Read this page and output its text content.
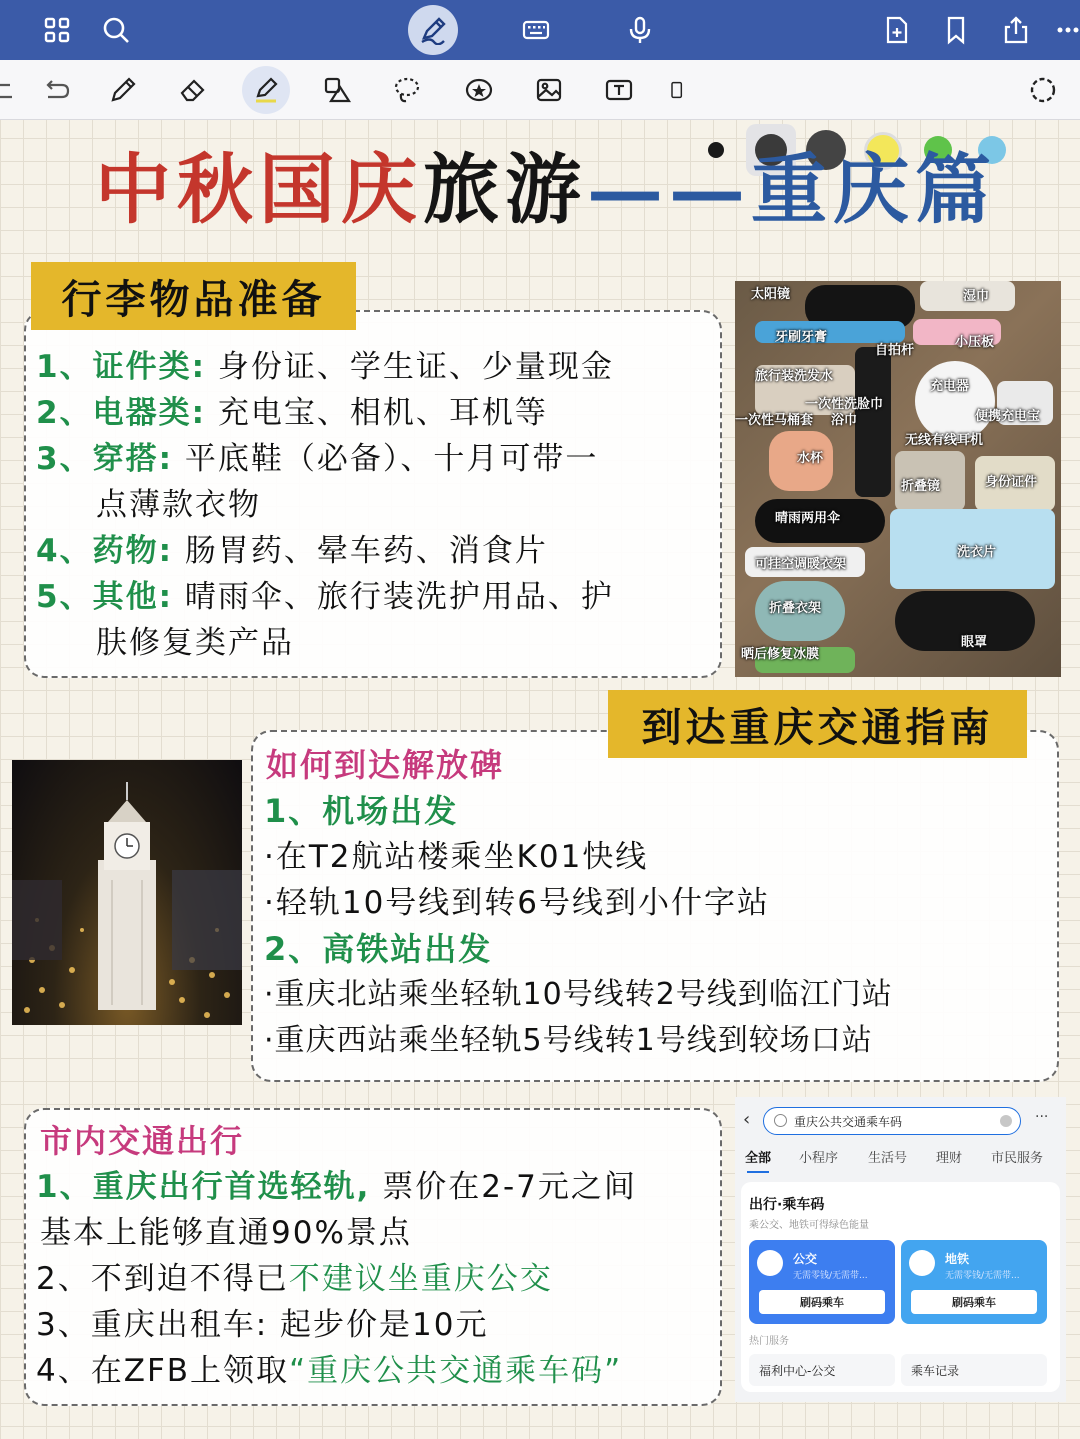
中秋国庆旅游——重庆篇
行李物品准备
1、证件类: 身份证、学生证、少量现金
2、电器类: 充电宝、相机、耳机等
3、穿搭: 平底鞋（必备）、十月可带一
点薄款衣物
4、药物: 肠胃药、晕车药、消食片
5、其他: 晴雨伞、旅行装洗护用品、护
肤修复类产品
太阳镜	湿巾
牙刷牙膏
自拍杆
小压板
旅行装洗发水
充电器
一次性洗脸巾
一次性马桶套 浴巾	便携充电宝
无线有线耳机
水杯
折叠镜	身份证件
晴雨两用伞
洗衣片
可挂空调暖衣架
折叠衣架
眼罩
晒后修复冰膜
到达重庆交通指南
如何到达解放碑
1、机场出发
·在T2航站楼乘坐K01快线
·轻轨10号线到转6号线到小什字站
2、高铁站出发
·重庆北站乘坐轻轨10号线转2号线到临江门站
·重庆西站乘坐轻轨5号线转1号线到较场口站
市内交通出行
1、重庆出行首选轻轨, 票价在2-7元之间
基本上能够直通90%景点
2、不到迫不得已不建议坐重庆公交
3、重庆出租车: 起步价是10元
4、在ZFB上领取“重庆公共交通乘车码”
‹	重庆公共交通乘车码	···
全部 小程序 生活号 理财 市民服务
出行·乘车码
乘公交、地铁可得绿色能量
公交
无需零钱/无需带...
刷码乘车
地铁
无需零钱/无需带...
刷码乘车
热门服务
福利中心-公交	乘车记录
